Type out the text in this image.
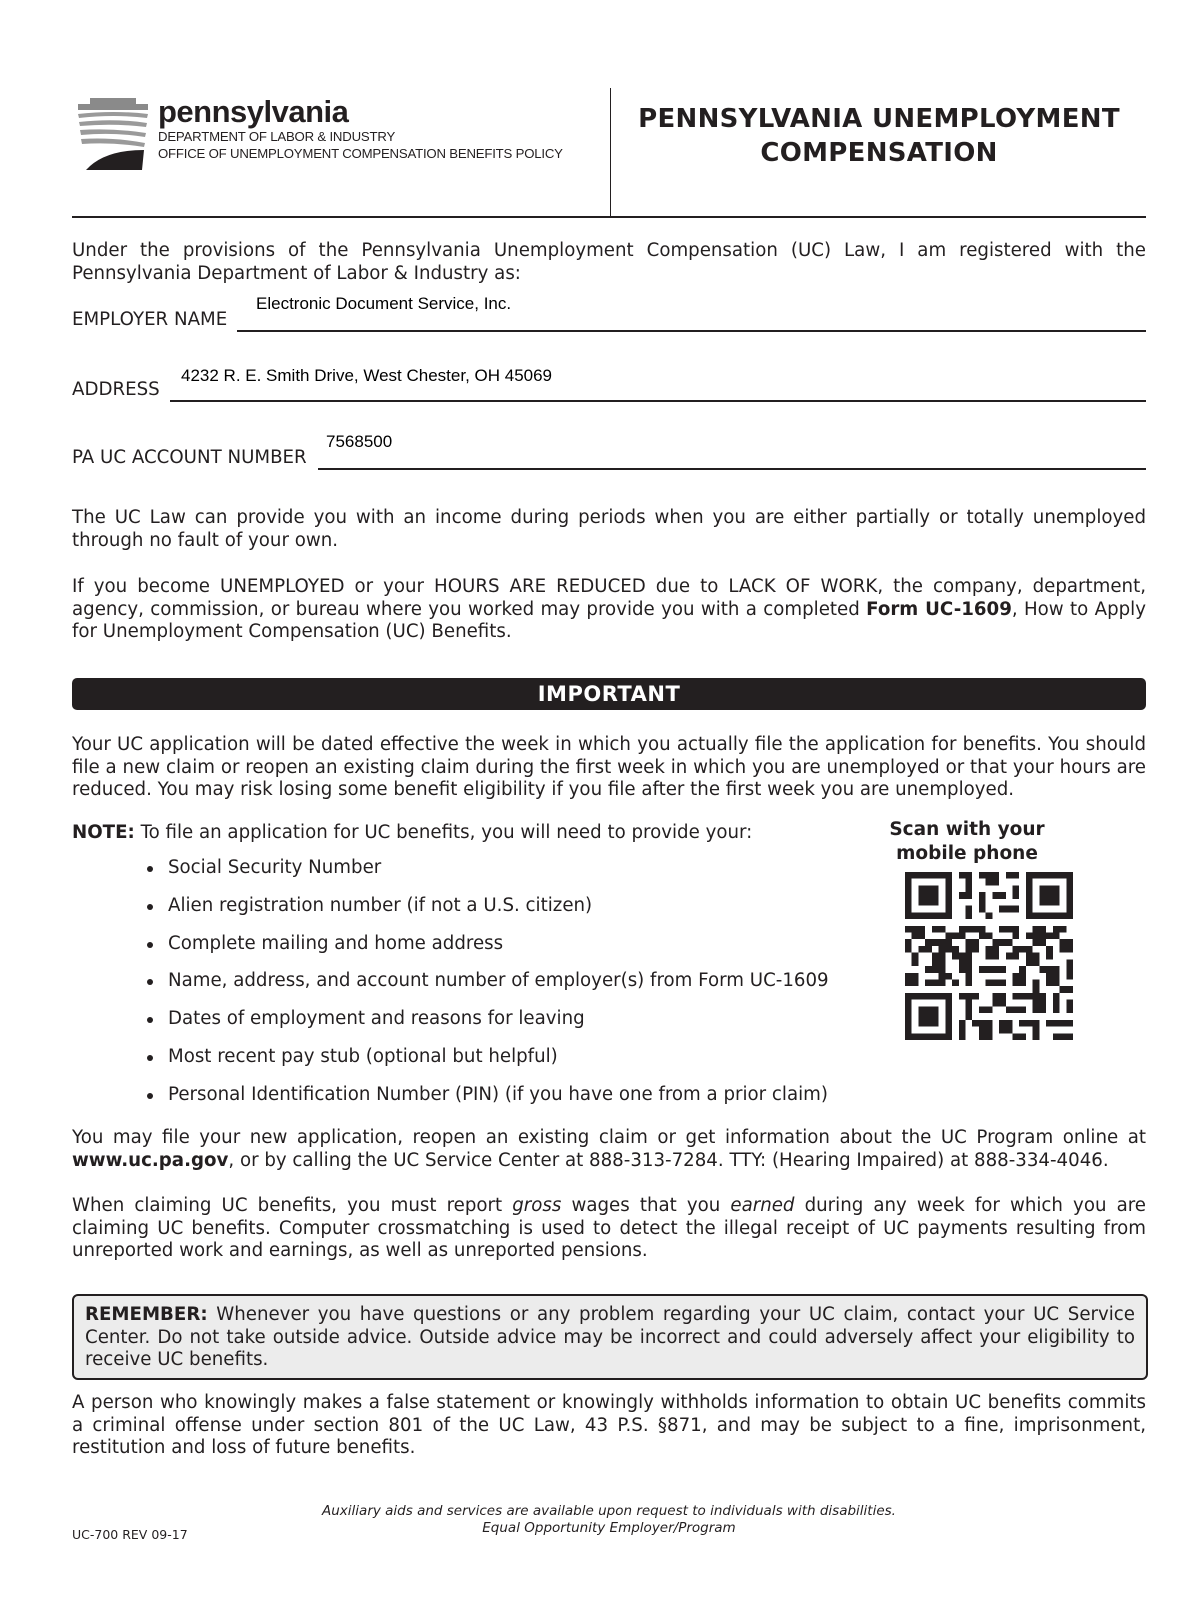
pennsylvania
DEPARTMENT OF LABOR & INDUSTRY
OFFICE OF UNEMPLOYMENT COMPENSATION BENEFITS POLICY
PENNSYLVANIA UNEMPLOYMENT
COMPENSATION
Under the provisions of the Pennsylvania Unemployment Compensation (UC) Law, I am registered with the Pennsylvania Department of Labor & Industry as:
EMPLOYER NAME
Electronic Document Service, Inc.
ADDRESS
4232 R. E. Smith Drive, West Chester, OH 45069
PA UC ACCOUNT NUMBER
7568500
The UC Law can provide you with an income during periods when you are either partially or totally unemployed through no fault of your own.
If you become UNEMPLOYED or your HOURS ARE REDUCED due to LACK OF WORK, the company, department, agency, commission, or bureau where you worked may provide you with a completed Form UC-1609, How to Apply for Unemployment Compensation (UC) Benefits.
IMPORTANT
Your UC application will be dated effective the week in which you actually file the application for benefits. You should file a new claim or reopen an existing claim during the first week in which you are unemployed or that your hours are reduced. You may risk losing some benefit eligibility if you file after the first week you are unemployed.
NOTE: To file an application for UC benefits, you will need to provide your:
Social Security Number
Alien registration number (if not a U.S. citizen)
Complete mailing and home address
Name, address, and account number of employer(s) from Form UC-1609
Dates of employment and reasons for leaving
Most recent pay stub (optional but helpful)
Personal Identification Number (PIN) (if you have one from a prior claim)
Scan with your
mobile phone
You may file your new application, reopen an existing claim or get information about the UC Program online at www.uc.pa.gov, or by calling the UC Service Center at 888-313-7284. TTY: (Hearing Impaired) at 888-334-4046.
When claiming UC benefits, you must report gross wages that you earned during any week for which you are claiming UC benefits. Computer crossmatching is used to detect the illegal receipt of UC payments resulting from unreported work and earnings, as well as unreported pensions.
REMEMBER: Whenever you have questions or any problem regarding your UC claim, contact your UC Service Center. Do not take outside advice. Outside advice may be incorrect and could adversely affect your eligibility to receive UC benefits.
A person who knowingly makes a false statement or knowingly withholds information to obtain UC benefits commits a criminal offense under section 801 of the UC Law, 43 P.S. §871, and may be subject to a fine, imprisonment, restitution and loss of future benefits.
Auxiliary aids and services are available upon request to individuals with disabilities.
Equal Opportunity Employer/Program
UC-700 REV 09-17
